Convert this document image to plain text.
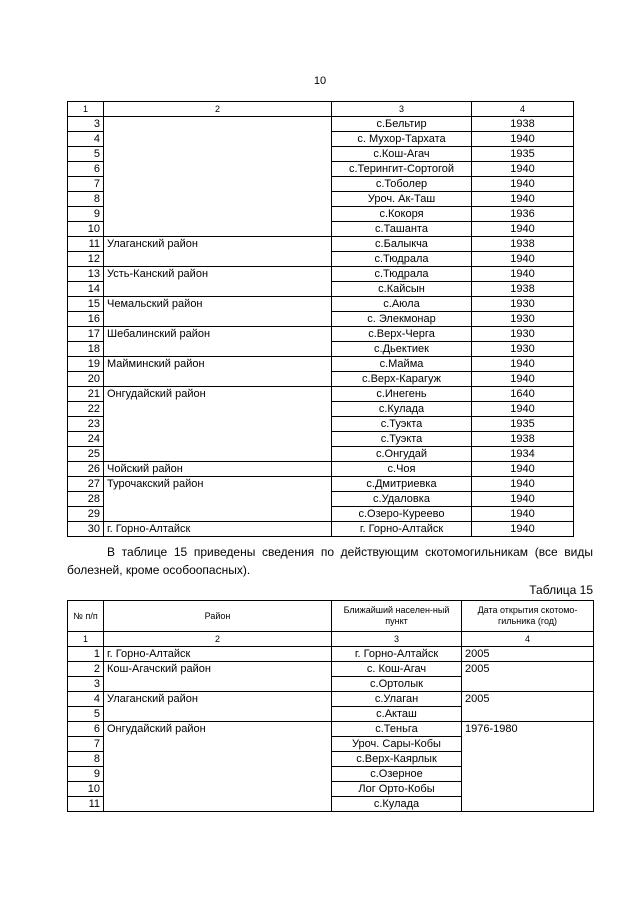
10
1	2	3	4
3		с.Бельтир	1938
4		с. Мухор-Тархата	1940
5		с.Кош-Агач	1935
6		с.Терингит-Сортогой	1940
7		с.Тоболер	1940
8		Уроч. Ак-Таш	1940
9		с.Кокоря	1936
10		с.Ташанта	1940
11	Улаганский район	с.Балыкча	1938
12		с.Тюдрала	1940
13	Усть-Канский район	с.Тюдрала	1940
14		с.Кайсын	1938
15	Чемальский район	с.Аюла	1930
16		с. Элекмонар	1930
17	Шебалинский район	с.Верх-Черга	1930
18		с.Дьектиек	1930
19	Майминский район	с.Майма	1940
20		с.Верх-Карагуж	1940
21	Онгудайский район	с.Инегень	1640
22		с.Кулада	1940
23		с.Туэкта	1935
24		с.Туэкта	1938
25		с.Онгудай	1934
26	Чойский район	с.Чоя	1940
27	Турочакский район	с.Дмитриевка	1940
28		с.Удаловка	1940
29		с.Озеро-Куреево	1940
30	г. Горно-Алтайск	г. Горно-Алтайск	1940
В таблице 15 приведены сведения по действующим скотомогильникам (все виды болезней, кроме особоопасных).
Таблица 15
№ п/п	Район	Ближайший населен-ный пункт	Дата открытия скотомо-гильника (год)
1	2	3	4
1	г. Горно-Алтайск	г. Горно-Алтайск	2005
2	Кош-Агачский район	с. Кош-Агач	2005
3		с.Ортолык	
4	Улаганский район	с.Улаган	2005
5		с.Акташ	
6	Онгудайский район	с.Теньга	1976-1980
7		Уроч. Сары-Кобы	
8		с.Верх-Каярлык	
9		с.Озерное	
10		Лог Орто-Кобы	
11		с.Кулада	
